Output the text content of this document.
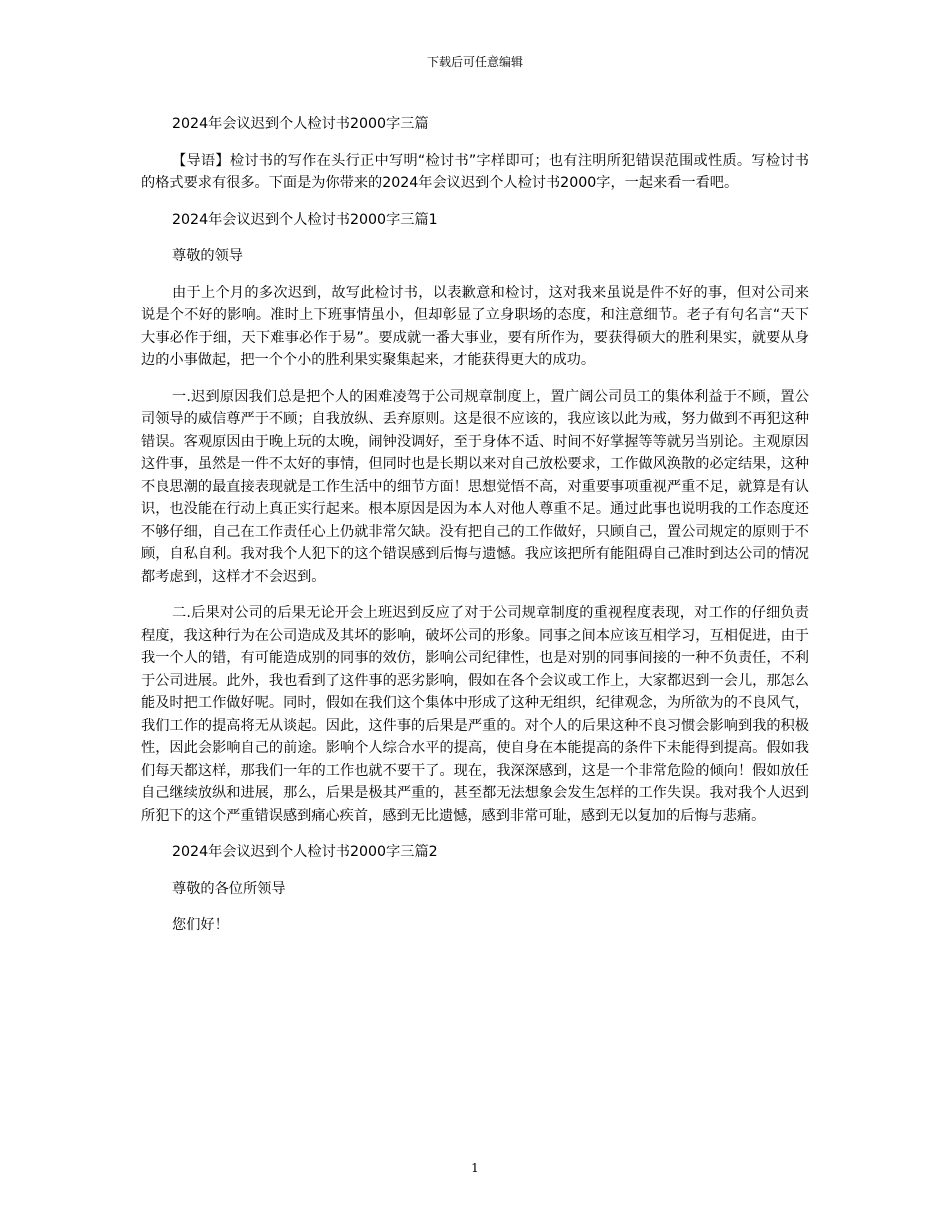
下载后可任意编辑

2024年会议迟到个人检讨书2000字三篇

【导语】检讨书的写作在头行正中写明“检讨书”字样即可；也有注明所犯错误范围或性质。写检讨书的格式要求有很多。下面是为你带来的2024年会议迟到个人检讨书2000字，一起来看一看吧。

2024年会议迟到个人检讨书2000字三篇1

尊敬的领导

由于上个月的多次迟到，故写此检讨书，以表歉意和检讨，这对我来虽说是件不好的事，但对公司来说是个不好的影响。准时上下班事情虽小，但却彰显了立身职场的态度，和注意细节。老子有句名言“天下大事必作于细，天下难事必作于易”。要成就一番大事业，要有所作为，要获得硕大的胜利果实，就要从身边的小事做起，把一个个小的胜利果实聚集起来，才能获得更大的成功。

一.迟到原因我们总是把个人的困难凌驾于公司规章制度上，置广阔公司员工的集体利益于不顾，置公司领导的威信尊严于不顾；自我放纵、丢弃原则。这是很不应该的，我应该以此为戒，努力做到不再犯这种错误。客观原因由于晚上玩的太晚，闹钟没调好，至于身体不适、时间不好掌握等等就另当别论。主观原因这件事，虽然是一件不太好的事情，但同时也是长期以来对自己放松要求，工作做风涣散的必定结果，这种不良思潮的最直接表现就是工作生活中的细节方面！思想觉悟不高，对重要事项重视严重不足，就算是有认识，也没能在行动上真正实行起来。根本原因是因为本人对他人尊重不足。通过此事也说明我的工作态度还不够仔细，自己在工作责任心上仍就非常欠缺。没有把自己的工作做好，只顾自己，置公司规定的原则于不顾，自私自利。我对我个人犯下的这个错误感到后悔与遗憾。我应该把所有能阻碍自己准时到达公司的情况都考虑到，这样才不会迟到。

二.后果对公司的后果无论开会上班迟到反应了对于公司规章制度的重视程度表现，对工作的仔细负责程度，我这种行为在公司造成及其坏的影响，破坏公司的形象。同事之间本应该互相学习，互相促进，由于我一个人的错，有可能造成别的同事的效仿，影响公司纪律性，也是对别的同事间接的一种不负责任，不利于公司进展。此外，我也看到了这件事的恶劣影响，假如在各个会议或工作上，大家都迟到一会儿，那怎么能及时把工作做好呢。同时，假如在我们这个集体中形成了这种无组织，纪律观念，为所欲为的不良风气，我们工作的提高将无从谈起。因此，这件事的后果是严重的。对个人的后果这种不良习惯会影响到我的积极性，因此会影响自己的前途。影响个人综合水平的提高，使自身在本能提高的条件下未能得到提高。假如我们每天都这样，那我们一年的工作也就不要干了。现在，我深深感到，这是一个非常危险的倾向！假如放任自己继续放纵和进展，那么，后果是极其严重的，甚至都无法想象会发生怎样的工作失误。我对我个人迟到所犯下的这个严重错误感到痛心疾首，感到无比遗憾，感到非常可耻，感到无以复加的后悔与悲痛。

2024年会议迟到个人检讨书2000字三篇2

尊敬的各位所领导

您们好！

1
